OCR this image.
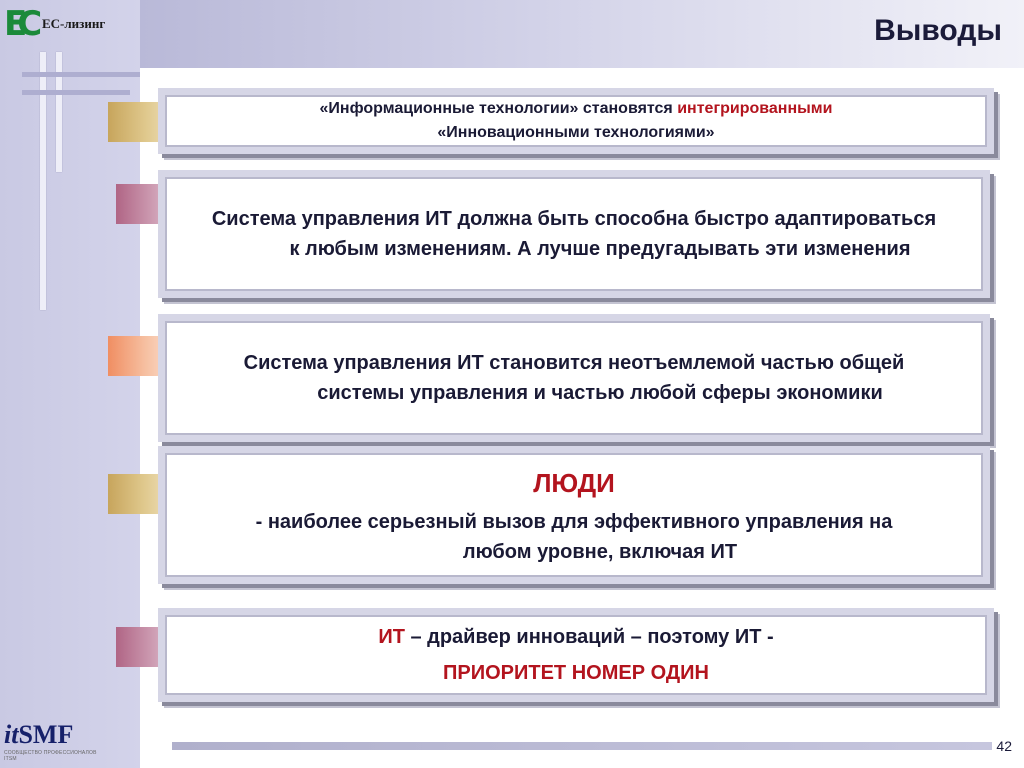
EC ЕС-лизинг	Выводы
«Информационные технологии» становятся интегрированными
«Инновационными технологиями»
Система управления ИТ должна быть способна быстро адаптироваться к любым изменениям. А лучше предугадывать эти изменения
Система управления ИТ становится неотъемлемой частью общей системы управления и частью любой сферы экономики
ЛЮДИ
- наиболее серьезный вызов для эффективного управления на любом уровне, включая ИТ
ИТ – драйвер инноваций – поэтому ИТ -
ПРИОРИТЕТ НОМЕР ОДИН
itSMF
СООБЩЕСТВО ПРОФЕССИОНАЛОВ ITSM
42
